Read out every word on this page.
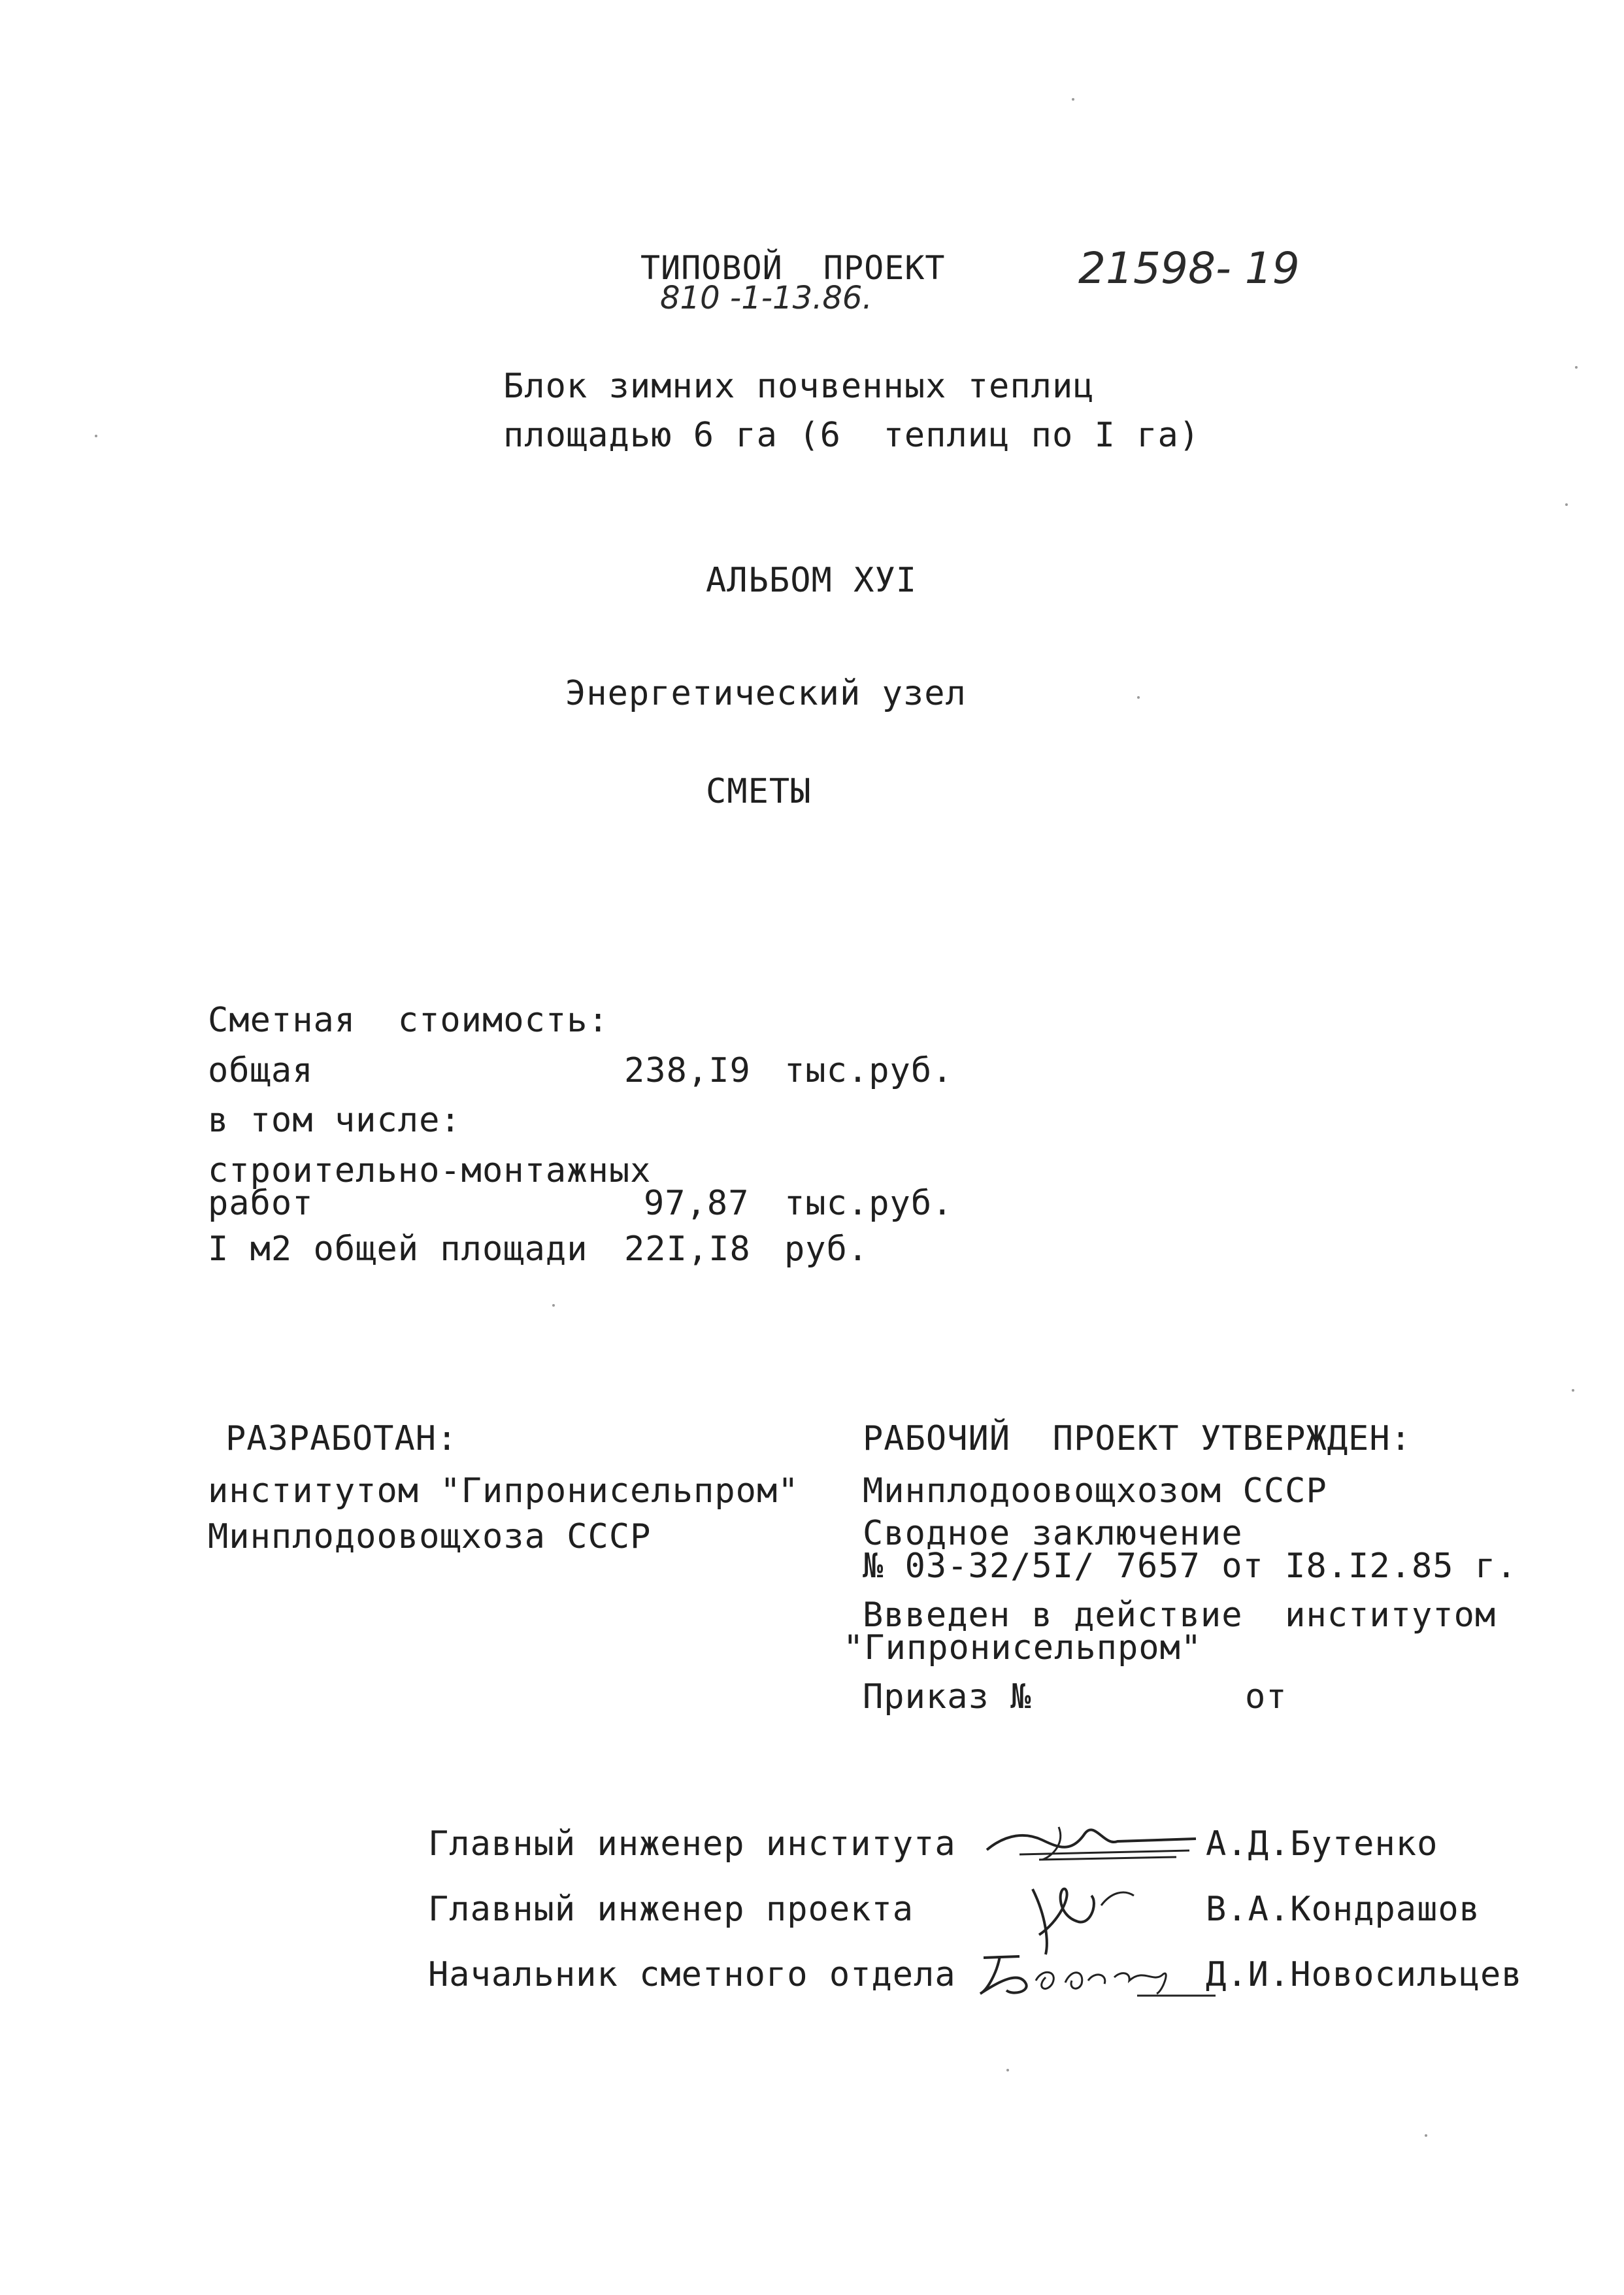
ТИПОВОЙ  ПРОЕКТ
810 -1-13.86.
21598- 19
Блок зимних почвенных теплиц
площадью 6 га (6  теплиц по I га)
АЛЬБОМ ХУI
Энергетический узел
СМЕТЫ
Сметная  стоимость:
общая	238,I9 тыс.руб.
в том числе:
строительно-монтажных
работ	97,87 тыс.руб.
I м2 общей площади 22I,I8 руб.
РАЗРАБОТАН:
институтом "Гипронисельпром"
Минплодоовощхоза СССР
РАБОЧИЙ  ПРОЕКТ УТВЕРЖДЕН:
Минплодоовощхозом СССР
Сводное заключение
№ 03-32/5I/ 7657 от I8.I2.85 г.
Ввведен в действие  институтом
"Гипронисельпром"
Приказ №	от
Главный инженер института	А.Д.Бутенко
Главный инженер проекта	В.А.Кондрашов
Начальник сметного отдела	Д.И.Новосильцев
